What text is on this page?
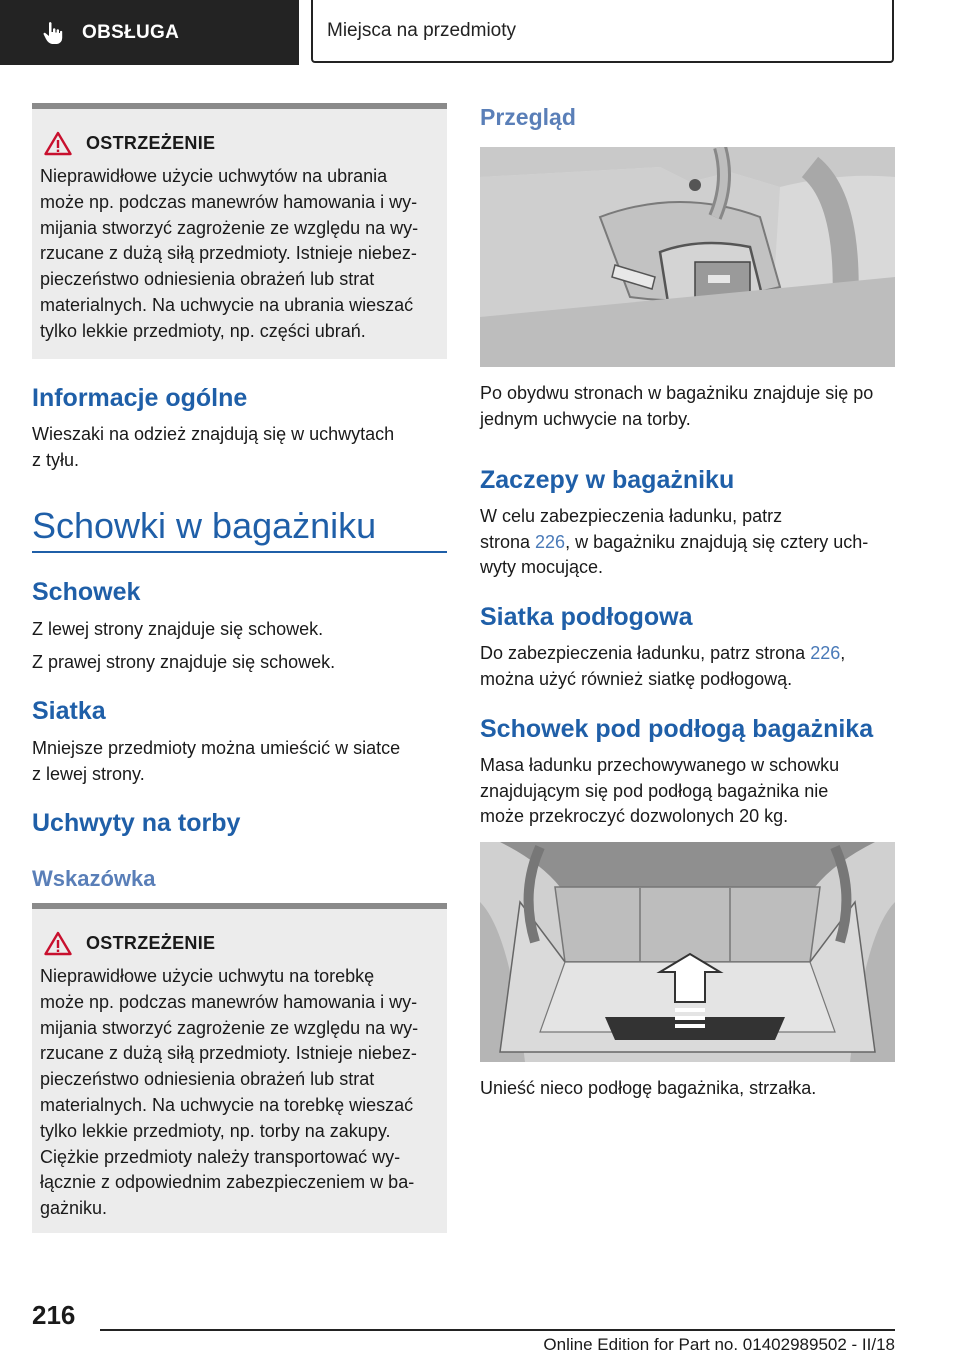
OBSŁUGA	Miejsca na przedmioty
OSTRZEŻENIE

Nieprawidłowe użycie uchwytów na ubrania
może np. podczas manewrów hamowania i wy-
mijania stworzyć zagrożenie ze względu na wy-
rzucane z dużą siłą przedmioty. Istnieje niebez-
pieczeństwo odniesienia obrażeń lub strat
materialnych. Na uchwycie na ubrania wieszać
tylko lekkie przedmioty, np. części ubrań.

Informacje ogólne

Wieszaki na odzież znajdują się w uchwytach
z tyłu.

Schowki w bagażniku
Schowek

Z lewej strony znajduje się schowek.
Z prawej strony znajduje się schowek.

Siatka

Mniejsze przedmioty można umieścić w siatce
z lewej strony.

Uchwyty na torby
Wskazówka
OSTRZEŻENIE

Nieprawidłowe użycie uchwytu na torebkę
może np. podczas manewrów hamowania i wy-
mijania stworzyć zagrożenie ze względu na wy-
rzucane z dużą siłą przedmioty. Istnieje niebez-
pieczeństwo odniesienia obrażeń lub strat
materialnych. Na uchwycie na torebkę wieszać
tylko lekkie przedmioty, np. torby na zakupy.
Ciężkie przedmioty należy transportować wy-
łącznie z odpowiednim zabezpieczeniem w ba-
gażniku.

Przegląd

Po obydwu stronach w bagażniku znajduje się po
jednym uchwycie na torby.

Zaczepy w bagażniku

W celu zabezpieczenia ładunku, patrz
strona 226, w bagażniku znajdują się cztery uch-
wyty mocujące.

Siatka podłogowa

Do zabezpieczenia ładunku, patrz strona 226,
można użyć również siatkę podłogową.

Schowek pod podłogą bagażnika

Masa ładunku przechowywanego w schowku
znajdującym się pod podłogą bagażnika nie
może przekroczyć dozwolonych 20 kg.

Unieść nieco podłogę bagażnika, strzałka.

216
Online Edition for Part no. 01402989502 - II/18
